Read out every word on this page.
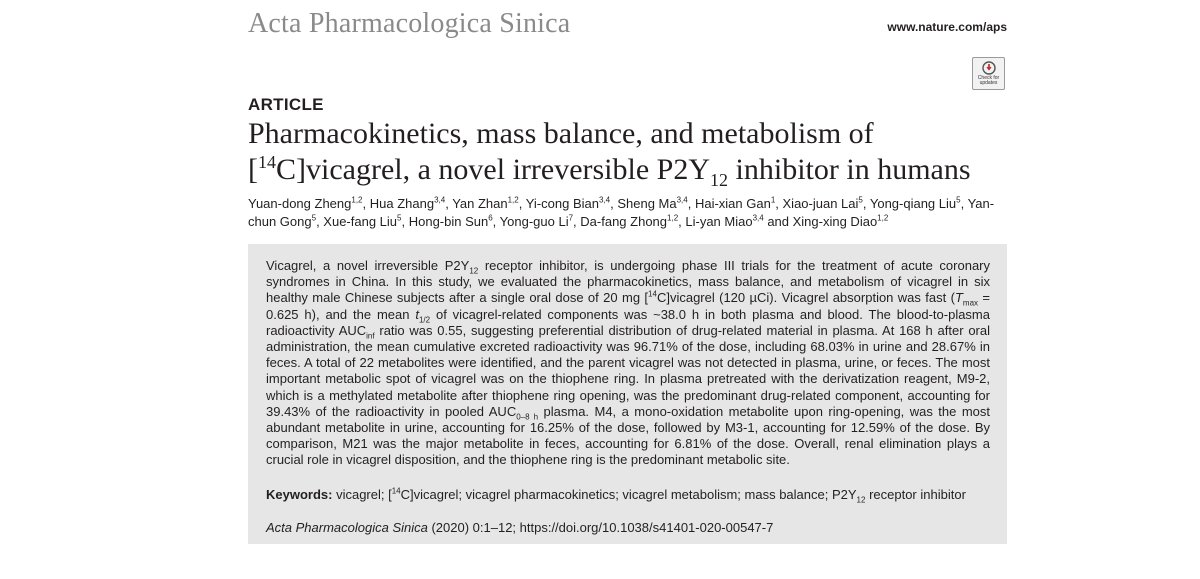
Acta Pharmacologica Sinica	www.nature.com/aps
Check for
updates
ARTICLE
Pharmacokinetics, mass balance, and metabolism of
[$^{14}$C]vicagrel, a novel irreversible $P2Y_{12}$ inhibitor in humans
Yuan-dong Zheng$^{1,2}$, Hua Zhang$^{3,4}$, Yan Zhan$^{1,2}$, Yi-cong Bian$^{3,4}$, Sheng Ma$^{3,4}$, Hai-xian Gan$^1$, Xiao-juan Lai$^5$, Yong-qiang Liu$^5$, Yan-chun Gong$^5$, Xue-fang Liu$^5$, Hong-bin Sun$^6$, Yong-guo Li$^7$, Da-fang Zhong$^{1,2}$, Li-yan Miao$^{3,4}$ and Xing-xing Diao$^{1,2}$

Vicagrel, a novel irreversible $P2Y_{12}$ receptor inhibitor, is undergoing phase III trials for the treatment of acute coronary syndromes in China. In this study, we evaluated the pharmacokinetics, mass balance, and metabolism of vicagrel in six healthy male Chinese subjects after a single oral dose of 20 mg [$^{14}$C]vicagrel (120 µCi). Vicagrel absorption was fast ($T_{max} = 0.625$ h), and the mean $t_{1/2}$ of vicagrel-related components was ~38.0 h in both plasma and blood. The blood-to-plasma radioactivity $AUC_{inf}$ ratio was 0.55, suggesting preferential distribution of drug-related material in plasma. At 168 h after oral administration, the mean cumulative excreted radioactivity was 96.71% of the dose, including 68.03% in urine and 28.67% in feces. A total of 22 metabolites were identified, and the parent vicagrel was not detected in plasma, urine, or feces. The most important metabolic spot of vicagrel was on the thiophene ring. In plasma pretreated with the derivatization reagent, M9-2, which is a methylated metabolite after thiophene ring opening, was the predominant drug-related component, accounting for 39.43% of the radioactivity in pooled $AUC_{0-8 h}$ plasma. M4, a mono-oxidation metabolite upon ring-opening, was the most abundant metabolite in urine, accounting for 16.25% of the dose, followed by M3-1, accounting for 12.59% of the dose. By comparison, M21 was the major metabolite in feces, accounting for 6.81% of the dose. Overall, renal elimination plays a crucial role in vicagrel disposition, and the thiophene ring is the predominant metabolic site.

Keywords: vicagrel; [$^{14}$C]vicagrel; vicagrel pharmacokinetics; vicagrel metabolism; mass balance; $P2Y_{12}$ receptor inhibitor
Acta Pharmacologica Sinica (2020) 0:1–12; https://doi.org/10.1038/s41401-020-00547-7
